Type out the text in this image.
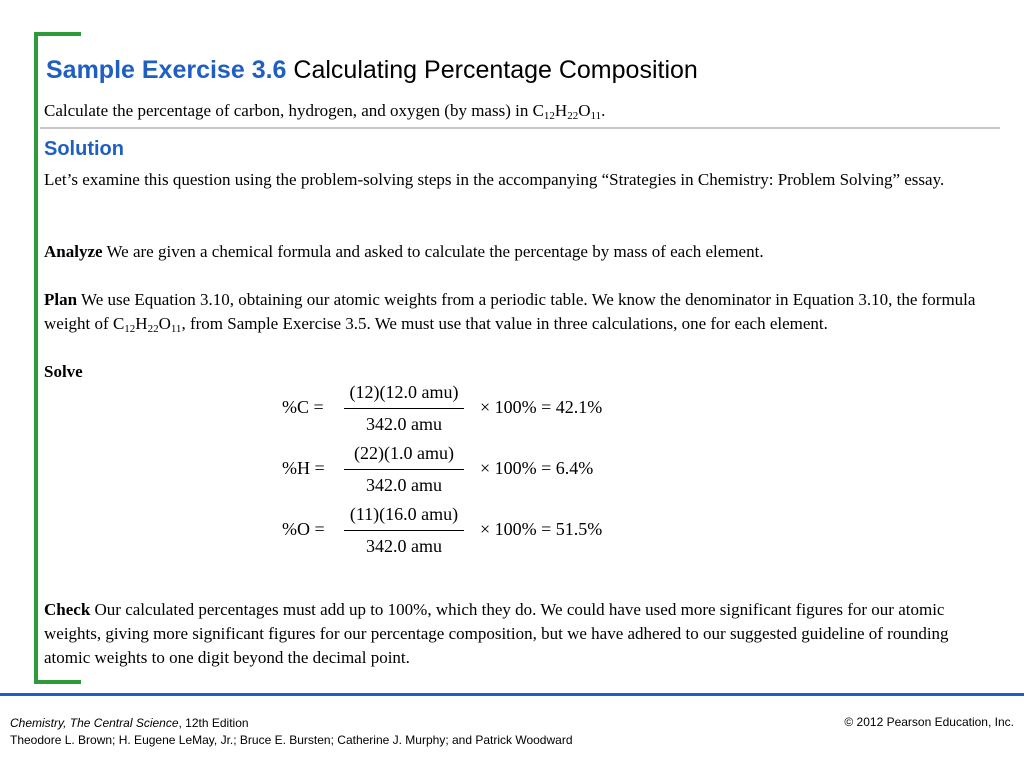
Sample Exercise 3.6 Calculating Percentage Composition
Calculate the percentage of carbon, hydrogen, and oxygen (by mass) in $C_{12}H_{22}O_{11}$.
Solution
Let’s examine this question using the problem-solving steps in the accompanying “Strategies in Chemistry: Problem Solving” essay.
Analyze We are given a chemical formula and asked to calculate the percentage by mass of each element.
Plan We use Equation 3.10, obtaining our atomic weights from a periodic table. We know the denominator in Equation 3.10, the formula weight of $C_{12}H_{22}O_{11}$, from Sample Exercise 3.5. We must use that value in three calculations, one for each element.
Solve
%C =
(12)(12.0 amu)
342.0 amu
× 100% = 42.1%
%H =
(22)(1.0 amu)
342.0 amu
× 100% = 6.4%
%O =
(11)(16.0 amu)
342.0 amu
× 100% = 51.5%
Check Our calculated percentages must add up to 100%, which they do. We could have used more significant figures for our atomic weights, giving more significant figures for our percentage composition, but we have adhered to our suggested guideline of rounding atomic weights to one digit beyond the decimal point.
Chemistry, The Central Science, 12th Edition
Theodore L. Brown; H. Eugene LeMay, Jr.; Bruce E. Bursten; Catherine J. Murphy; and Patrick Woodward
© 2012 Pearson Education, Inc.
